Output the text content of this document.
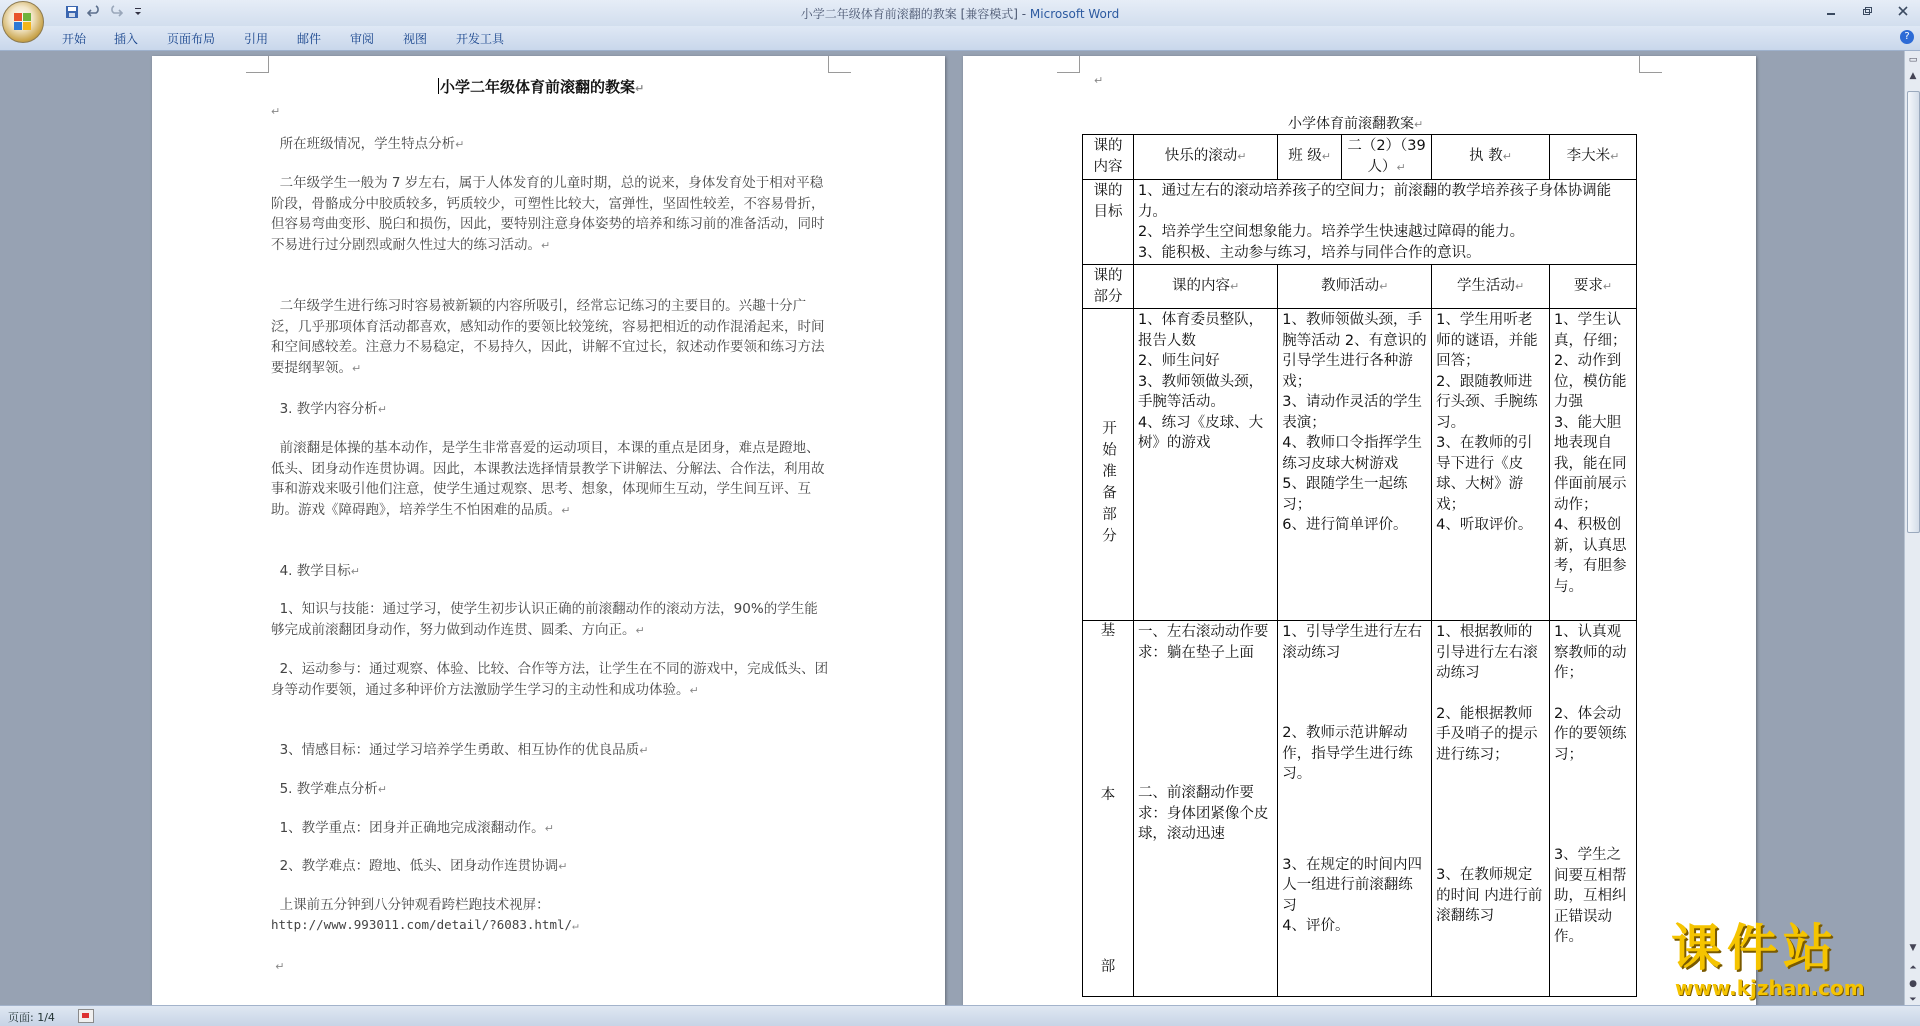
小学二年级体育前滚翻的教案 [兼容模式] - Microsoft Word
开始	插入	页面布局	引用	邮件	审阅	视图	开发工具	?
小学二年级体育前滚翻的教案↵
↵

所在班级情况，学生特点分析↵

二年级学生一般为 7 岁左右，属于人体发育的儿童时期，总的说来，身体发育处于相对平稳阶段，骨骼成分中胶质较多，钙质较少，可塑性比较大，富弹性，坚固性较差，不容易骨折，但容易弯曲变形、脱臼和损伤，因此，要特别注意身体姿势的培养和练习前的准备活动，同时不易进行过分剧烈或耐久性过大的练习活动。↵

二年级学生进行练习时容易被新颖的内容所吸引，经常忘记练习的主要目的。兴趣十分广泛，几乎那项体育活动都喜欢，感知动作的要领比较笼统，容易把相近的动作混淆起来，时间和空间感较差。注意力不易稳定，不易持久，因此，讲解不宜过长，叙述动作要领和练习方法要提纲挈领。↵

3. 教学内容分析↵

前滚翻是体操的基本动作，是学生非常喜爱的运动项目，本课的重点是团身，难点是蹬地、低头、团身动作连贯协调。因此，本课教法选择情景教学下讲解法、分解法、合作法，利用故事和游戏来吸引他们注意，使学生通过观察、思考、想象，体现师生互动，学生间互评、互助。游戏《障碍跑》，培养学生不怕困难的品质。↵

4. 教学目标↵

1、知识与技能：通过学习，使学生初步认识正确的前滚翻动作的滚动方法，90%的学生能够完成前滚翻团身动作，努力做到动作连贯、圆柔、方向正。↵

2、运动参与：通过观察、体验、比较、合作等方法，让学生在不同的游戏中，完成低头、团身等动作要领，通过多种评价方法激励学生学习的主动性和成功体验。↵

3、情感目标：通过学习培养学生勇敢、相互协作的优良品质↵

5. 教学难点分析↵

1、教学重点：团身并正确地完成滚翻动作。↵

2、教学难点：蹬地、低头、团身动作连贯协调↵

上课前五分钟到八分钟观看跨栏跑技术视屏：

http://www.993011.com/detail/?6083.html/↵

↵

↵
小学体育前滚翻教案↵
课的内容	快乐的滚动↵	班 级↵	二（2）（39 人）↵	执 教↵	李大米↵
课的目标	1、通过左右的滚动培养孩子的空间力；前滚翻的教学培养孩子身体协调能力。
2、培养学生空间想象能力。培养学生快速越过障碍的能力。
3、能积极、主动参与练习，培养与同伴合作的意识。				

课的部分	课的内容↵	教师活动↵		学生活动↵	要求↵

开始准备部分	1、体育委员整队，报告人数
2、师生问好
3、教师领做头颈，手腕等活动。
4、练习《皮球、大树》的游戏	1、教师领做头颈，手腕等活动 2、有意识的引导学生进行各种游戏；
3、请动作灵活的学生表演；
4、教师口令指挥学生练习皮球大树游戏
5、跟随学生一起练习；
6、进行简单评价。		1、学生用听老师的谜语，并能回答；
2、跟随教师进行头颈、手腕练习。
3、在教师的引导下进行《皮球、大树》游戏；
4、听取评价。	1、学生认真，仔细；
2、动作到位，模仿能力强
3、能大胆地表现自我，能在同伴面前展示动作；
4、积极创新，认真思考，有胆参与。

基
本
部	一、左右滚动动作要求：躺在垫子上面
二、前滚翻动作要求：身体团紧像个皮球，滚动迅速	1、引导学生进行左右滚动练习
2、教师示范讲解动作，指导学生进行练习。
3、在规定的时间内四人一组进行前滚翻练习
4、评价。		1、根据教师的引导进行左右滚动练习
2、能根据教师手及哨子的提示进行练习；
3、在教师规定的时间 内进行前滚翻练习	1、认真观察教师的动作；
2、体会动作的要领练习；
3、学生之间要互相帮助，互相纠正错误动作。
▭
▲
▼
⏶
●
⏷
页面: 1/4
课件站
www.kjzhan.com
